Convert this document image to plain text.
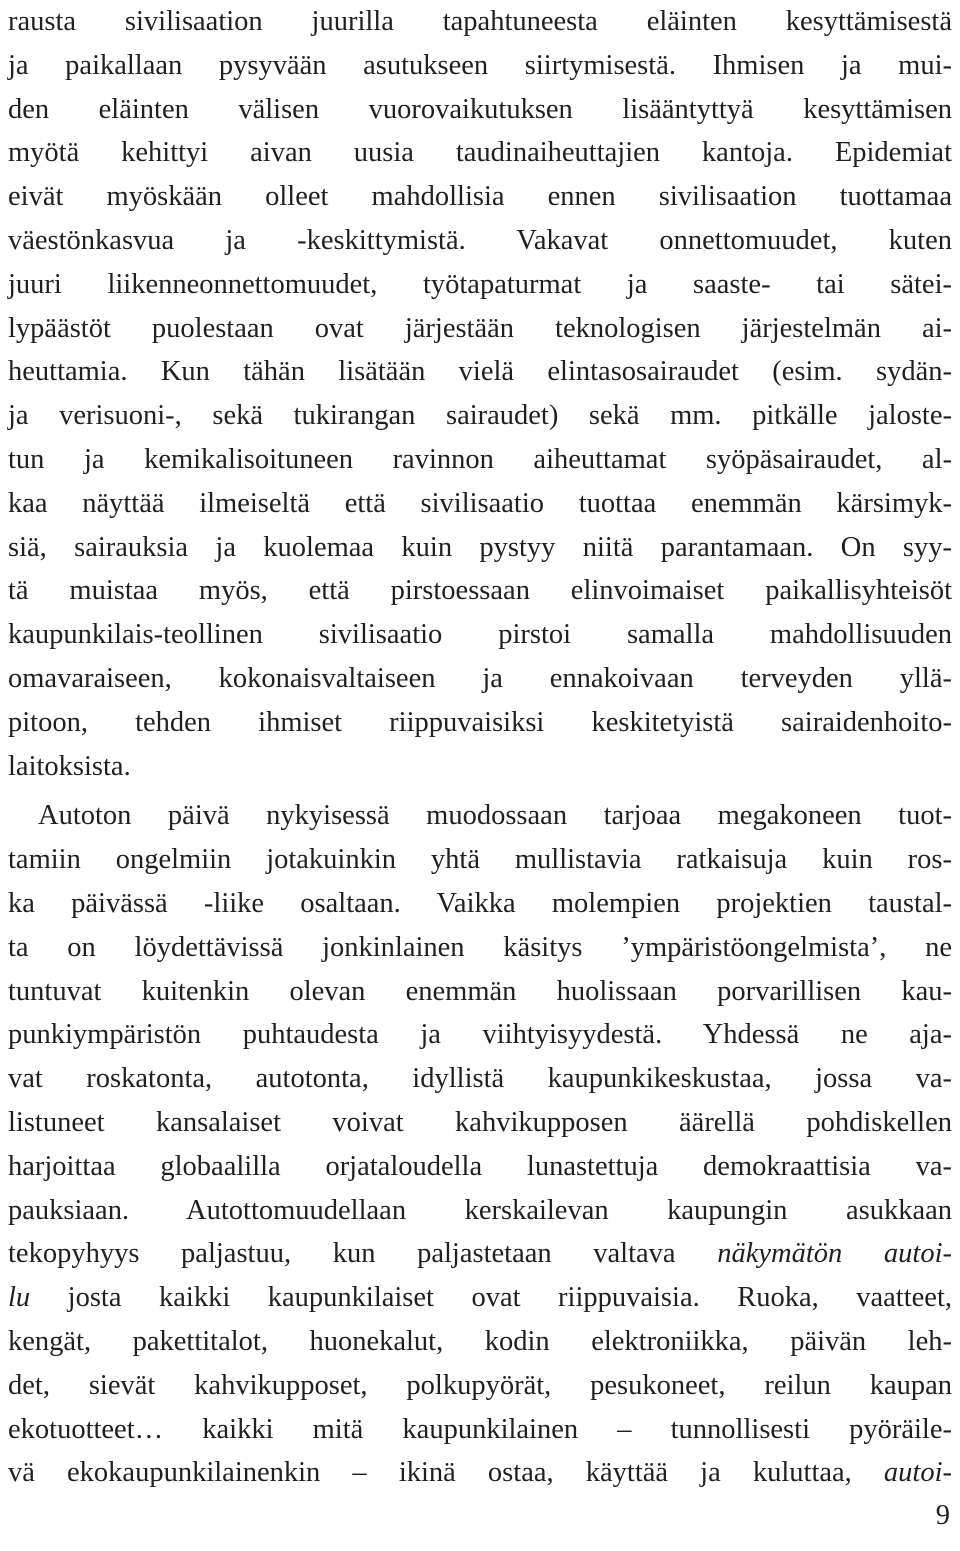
rausta sivilisaation juurilla tapahtuneesta eläinten kesyttämisestä
ja paikallaan pysyvään asutukseen siirtymisestä. Ihmisen ja mui-
den eläinten välisen vuorovaikutuksen lisääntyttyä kesyttämisen
myötä kehittyi aivan uusia taudinaiheuttajien kantoja. Epidemiat
eivät myöskään olleet mahdollisia ennen sivilisaation tuottamaa
väestönkasvua ja -keskittymistä. Vakavat onnettomuudet, kuten
juuri liikenneonnettomuudet, työtapaturmat ja saaste- tai sätei-
lypäästöt puolestaan ovat järjestään teknologisen järjestelmän ai-
heuttamia. Kun tähän lisätään vielä elintasosairaudet (esim. sydän-
ja verisuoni-, sekä tukirangan sairaudet) sekä mm. pitkälle jaloste-
tun ja kemikalisoituneen ravinnon aiheuttamat syöpäsairaudet, al-
kaa näyttää ilmeiseltä että sivilisaatio tuottaa enemmän kärsimyk-
siä, sairauksia ja kuolemaa kuin pystyy niitä parantamaan. On syy-
tä muistaa myös, että pirstoessaan elinvoimaiset paikallisyhteisöt
kaupunkilais-teollinen sivilisaatio pirstoi samalla mahdollisuuden
omavaraiseen, kokonaisvaltaiseen ja ennakoivaan terveyden yllä-
pitoon, tehden ihmiset riippuvaisiksi keskitetyistä sairaidenhoito-
laitoksista.
Autoton päivä nykyisessä muodossaan tarjoaa megakoneen tuot-
tamiin ongelmiin jotakuinkin yhtä mullistavia ratkaisuja kuin ros-
ka päivässä -liike osaltaan. Vaikka molempien projektien taustal-
ta on löydettävissä jonkinlainen käsitys ’ympäristöongelmista’, ne
tuntuvat kuitenkin olevan enemmän huolissaan porvarillisen kau-
punkiympäristön puhtaudesta ja viihtyisyydestä. Yhdessä ne aja-
vat roskatonta, autotonta, idyllistä kaupunkikeskustaa, jossa va-
listuneet kansalaiset voivat kahvikupposen äärellä pohdiskellen
harjoittaa globaalilla orjataloudella lunastettuja demokraattisia va-
pauksiaan. Autottomuudellaan kerskailevan kaupungin asukkaan
tekopyhyys paljastuu, kun paljastetaan valtava näkymätön autoi-
lu josta kaikki kaupunkilaiset ovat riippuvaisia. Ruoka, vaatteet,
kengät, pakettitalot, huonekalut, kodin elektroniikka, päivän leh-
det, sievät kahvikupposet, polkupyörät, pesukoneet, reilun kaupan
ekotuotteet… kaikki mitä kaupunkilainen – tunnollisesti pyöräile-
vä ekokaupunkilainenkin – ikinä ostaa, käyttää ja kuluttaa, autoi-
9
